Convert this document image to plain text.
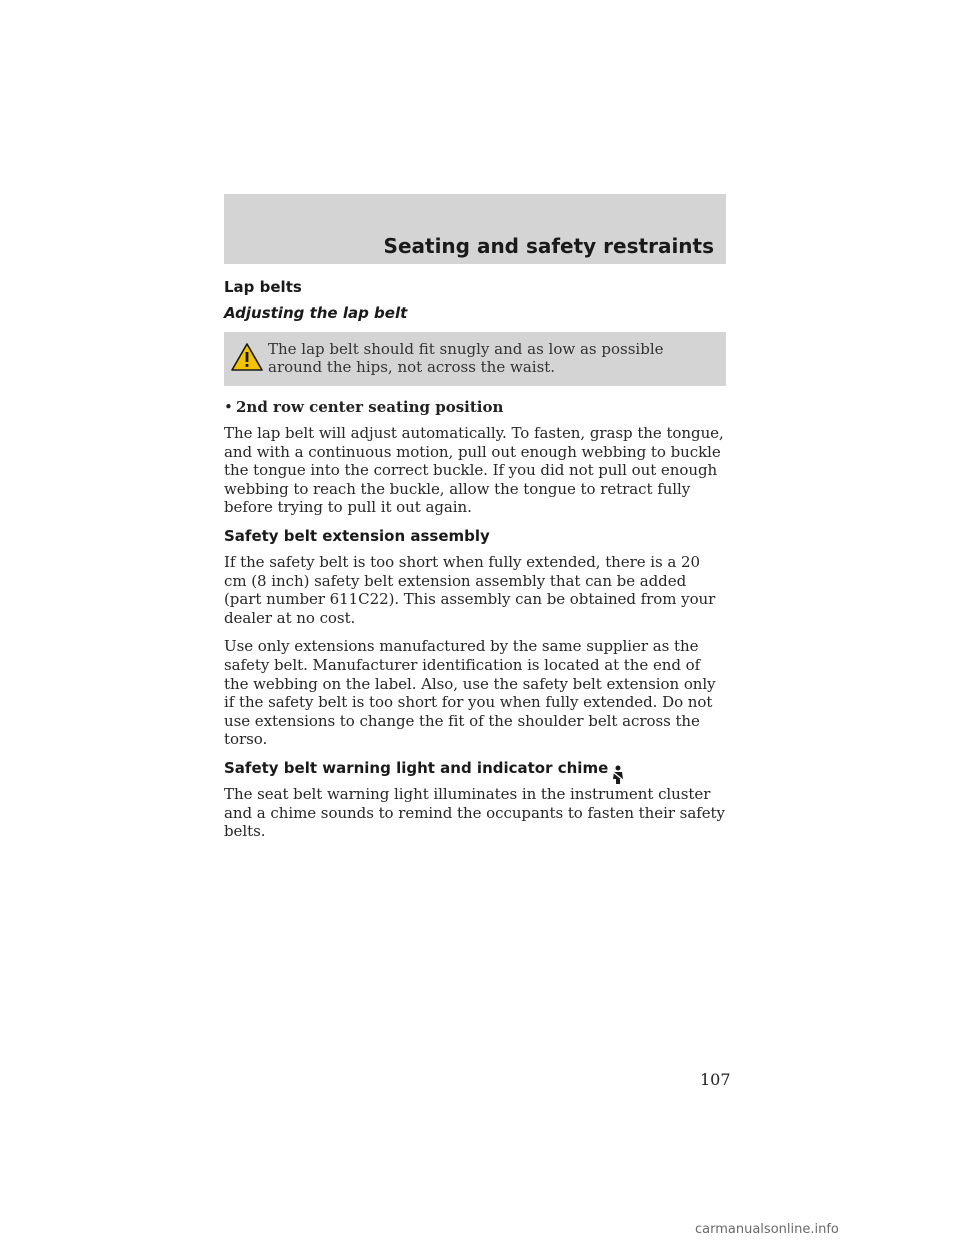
Seating and safety restraints
Lap belts
Adjusting the lap belt

The lap belt should fit snugly and as low as possible around the hips, not across the waist.

• 2nd row center seating position

The lap belt will adjust automatically. To fasten, grasp the tongue, and with a continuous motion, pull out enough webbing to buckle the tongue into the correct buckle. If you did not pull out enough webbing to reach the buckle, allow the tongue to retract fully before trying to pull it out again.

Safety belt extension assembly

If the safety belt is too short when fully extended, there is a 20 cm (8 inch) safety belt extension assembly that can be added (part number 611C22). This assembly can be obtained from your dealer at no cost.

Use only extensions manufactured by the same supplier as the safety belt. Manufacturer identification is located at the end of the webbing on the label. Also, use the safety belt extension only if the safety belt is too short for you when fully extended. Do not use extensions to change the fit of the shoulder belt across the torso.

Safety belt warning light and indicator chime

The seat belt warning light illuminates in the instrument cluster and a chime sounds to remind the occupants to fasten their safety belts.

107
carmanualsonline.info
